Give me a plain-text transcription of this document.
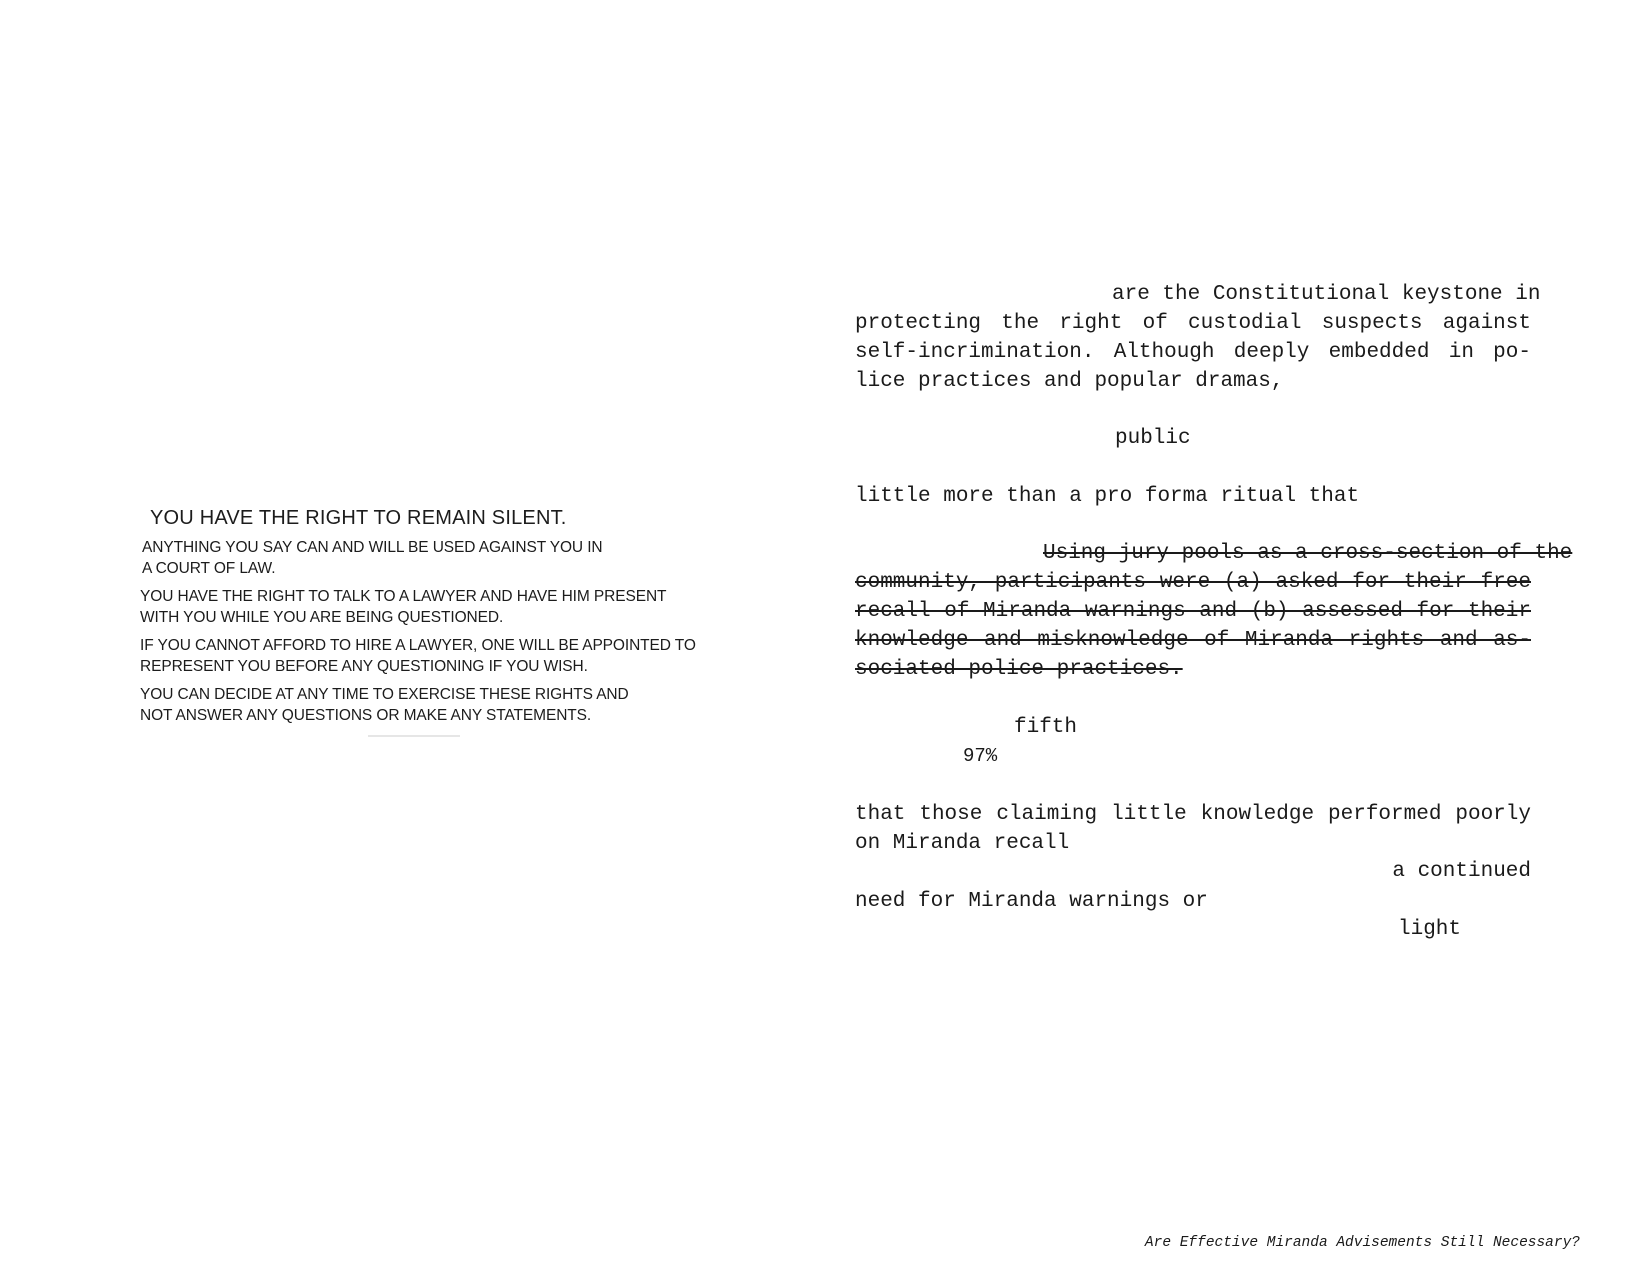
YOU HAVE THE RIGHT TO REMAIN SILENT.

ANYTHING YOU SAY CAN AND WILL BE USED AGAINST YOU IN

A COURT OF LAW.

YOU HAVE THE RIGHT TO TALK TO A LAWYER AND HAVE HIM PRESENT

WITH YOU WHILE YOU ARE BEING QUESTIONED.

IF YOU CANNOT AFFORD TO HIRE A LAWYER, ONE WILL BE APPOINTED TO

REPRESENT YOU BEFORE ANY QUESTIONING IF YOU WISH.

YOU CAN DECIDE AT ANY TIME TO EXERCISE THESE RIGHTS AND

NOT ANSWER ANY QUESTIONS OR MAKE ANY STATEMENTS.

are the Constitutional keystone in

protecting the right of custodial suspects against

self-incrimination. Although deeply embedded in po-

lice practices and popular dramas,

public

little more than a pro forma ritual that

Using jury pools as a cross-section of the

community, participants were (a) asked for their free

recall of Miranda warnings and (b) assessed for their

knowledge and misknowledge of Miranda rights and as-

sociated police practices.

fifth

97%

that those claiming little knowledge performed poorly

on Miranda recall

a continued

need for Miranda warnings or

light

Are Effective Miranda Advisements Still Necessary?
